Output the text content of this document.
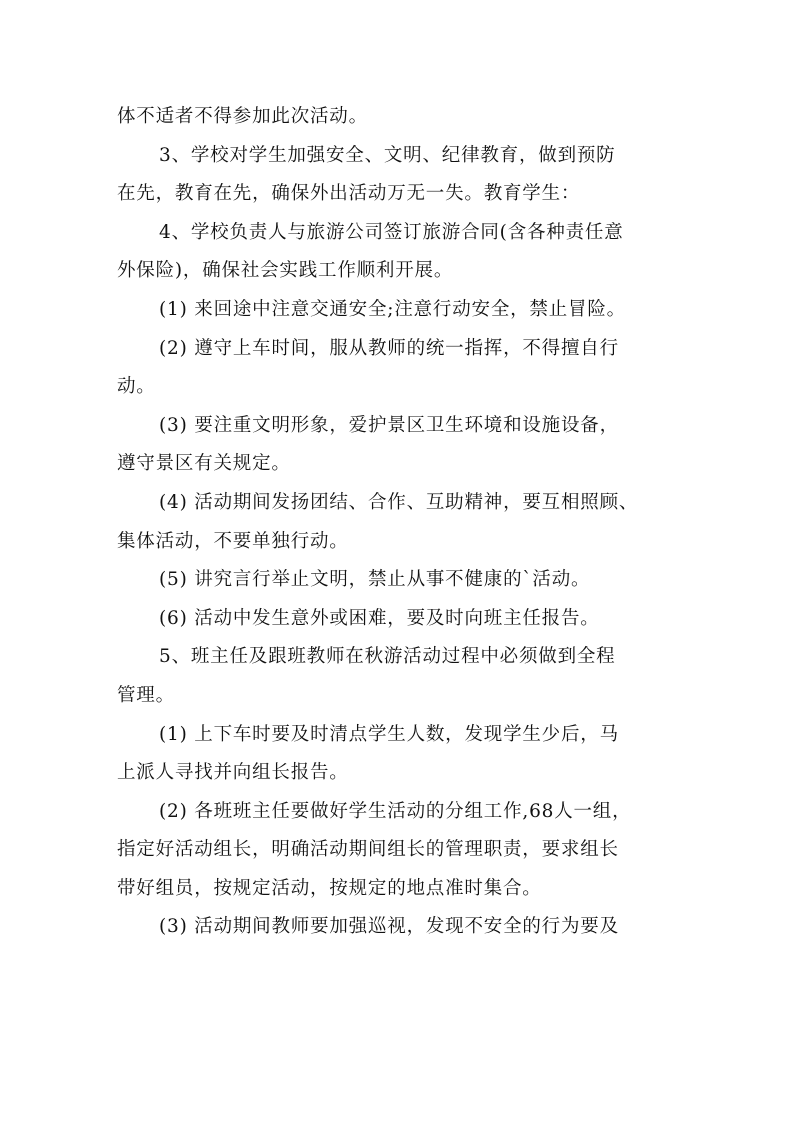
体不适者不得参加此次活动。
3、学校对学生加强安全、文明、纪律教育，做到预防
在先，教育在先，确保外出活动万无一失。教育学生：
4、学校负责人与旅游公司签订旅游合同(含各种责任意
外保险)，确保社会实践工作顺利开展。
(1) 来回途中注意交通安全;注意行动安全，禁止冒险。
(2) 遵守上车时间，服从教师的统一指挥，不得擅自行
动。
(3) 要注重文明形象，爱护景区卫生环境和设施设备，
遵守景区有关规定。
(4) 活动期间发扬团结、合作、互助精神，要互相照顾、
集体活动，不要单独行动。
(5) 讲究言行举止文明，禁止从事不健康的`活动。
(6) 活动中发生意外或困难，要及时向班主任报告。
5、班主任及跟班教师在秋游活动过程中必须做到全程
管理。
(1) 上下车时要及时清点学生人数，发现学生少后，马
上派人寻找并向组长报告。
(2) 各班班主任要做好学生活动的分组工作,68人一组，
指定好活动组长，明确活动期间组长的管理职责，要求组长
带好组员，按规定活动，按规定的地点准时集合。
(3) 活动期间教师要加强巡视，发现不安全的行为要及
